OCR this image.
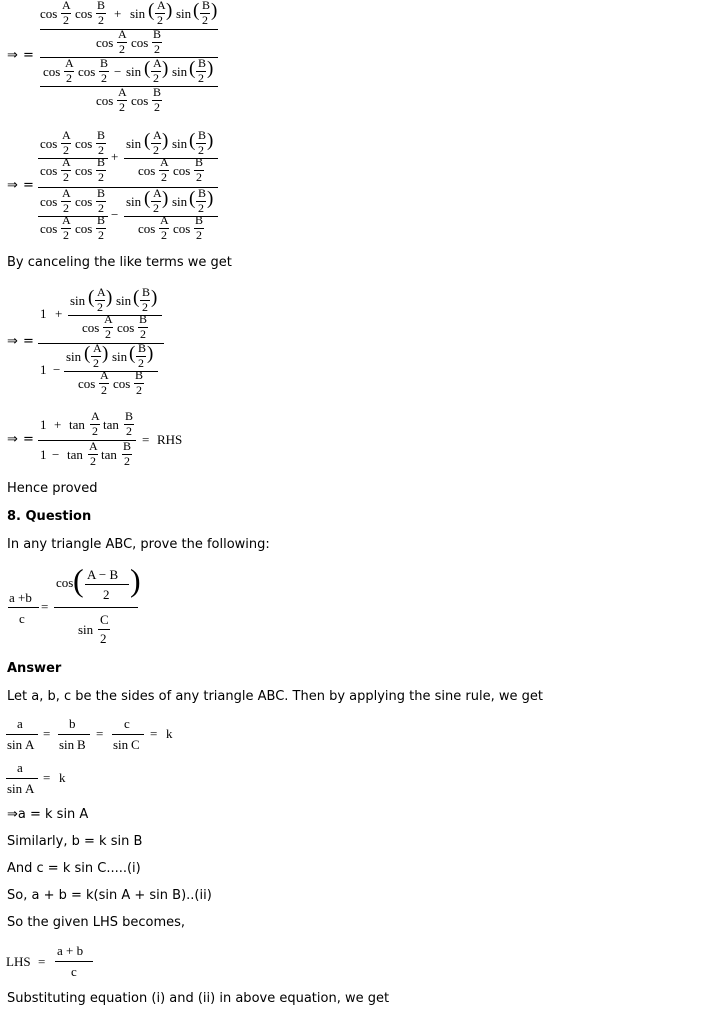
⇒ =
cos
A
2 cos
B
2 + sin ( A
2 ) sin ( B
2 )
cos
A
2 cos
B
2
cos
A
2 cos
B
2 − sin ( A
2 ) sin ( B
2 )
cos
A
2 cos
B
2
⇒ =
cos
A
2 cos
B
2
cos
A
2 cos
B
2
+
sin ( A
2 ) sin ( B
2 )
cos
A
2 cos
B
2
cos
A
2 cos
B
2
cos
A
2 cos
B
2
−
sin ( A
2 ) sin ( B
2 )
cos
A
2 cos
B
2
By canceling the like terms we get
⇒ =
1 +
sin ( A
2 ) sin ( B
2 )
cos
A
2 cos
B
2
1 −
sin ( A
2 ) sin ( B
2 )
cos
A
2 cos
B
2
⇒ =
1 + tan
A
2 tan
B
2
1 − tan
A
2 tan
B
2
= RHS
Hence proved
8. Question
In any triangle ABC, prove the following:
a +b
c
=
cos ( A − B
2 )
sin
C
2
Answer
Let a, b, c be the sides of any triangle ABC. Then by applying the sine rule, we get
a
sin A
=
b
sin B
=
c
sin C
= k
a
sin A
= k
⇒a = k sin A
Similarly, b = k sin B
And c = k sin C.....(i)
So, a + b = k(sin A + sin B)..(ii)
So the given LHS becomes,
LHS =
a + b
c
Substituting equation (i) and (ii) in above equation, we get
